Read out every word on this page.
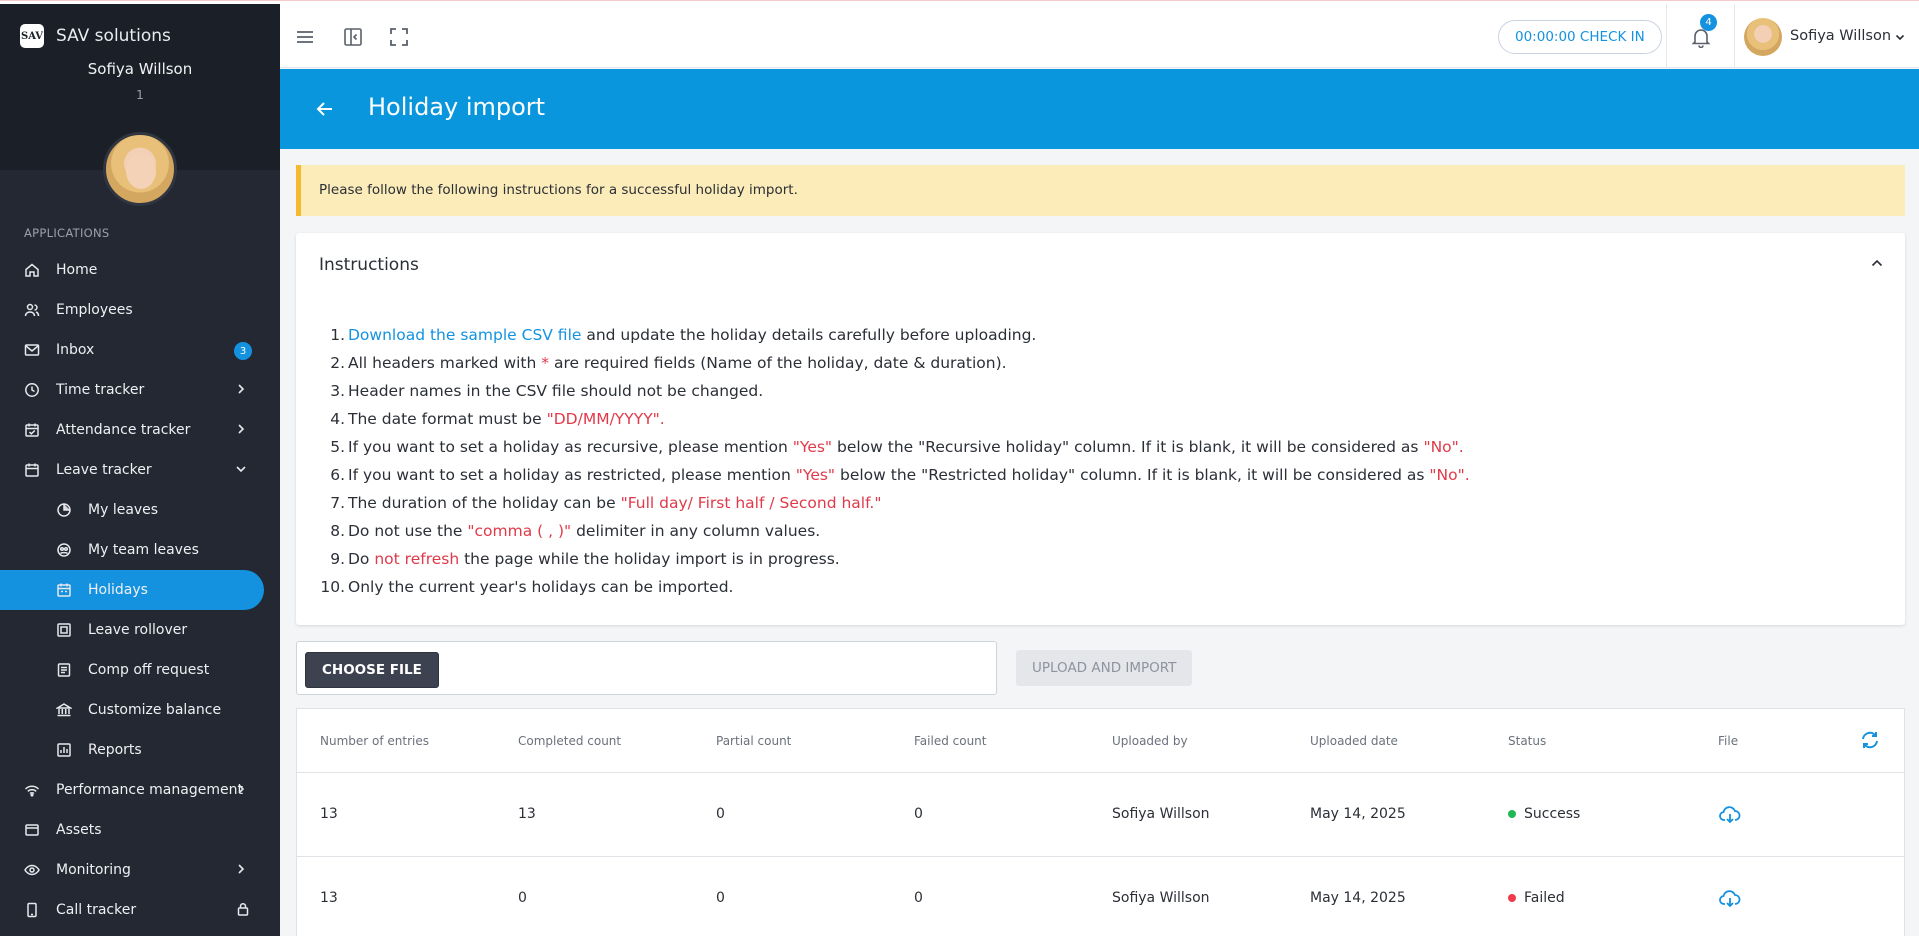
SAV SAV solutions
Sofiya Willson
1
APPLICATIONS
Home
Employees
Inbox	3
Time tracker
Attendance tracker
Leave tracker
My leaves
My team leaves
Holidays
Leave rollover
Comp off request
Customize balance
Reports
Performance management
Assets
Monitoring
Call tracker
00:00:00 CHECK IN	Sofiya Willson
4
Holiday import
Please follow the following instructions for a successful holiday import.
Instructions
1. Download the sample CSV file and update the holiday details carefully before uploading.
2. All headers marked with * are required fields (Name of the holiday, date & duration).
3. Header names in the CSV file should not be changed.
4. The date format must be "DD/MM/YYYY".
5. If you want to set a holiday as recursive, please mention "Yes" below the "Recursive holiday" column. If it is blank, it will be considered as "No".
6. If you want to set a holiday as restricted, please mention "Yes" below the "Restricted holiday" column. If it is blank, it will be considered as "No".
7. The duration of the holiday can be "Full day/ First half / Second half."
8. Do not use the "comma ( , )" delimiter in any column values.
9. Do not refresh the page while the holiday import is in progress.
10. Only the current year's holidays can be imported.
CHOOSE FILE	UPLOAD AND IMPORT
Number of entries	Completed count	Partial count	Failed count	Uploaded by	Uploaded date	Status	File
13	13	0	0	Sofiya Willson	May 14, 2025	Success
13	0	0	0	Sofiya Willson	May 14, 2025	Failed
